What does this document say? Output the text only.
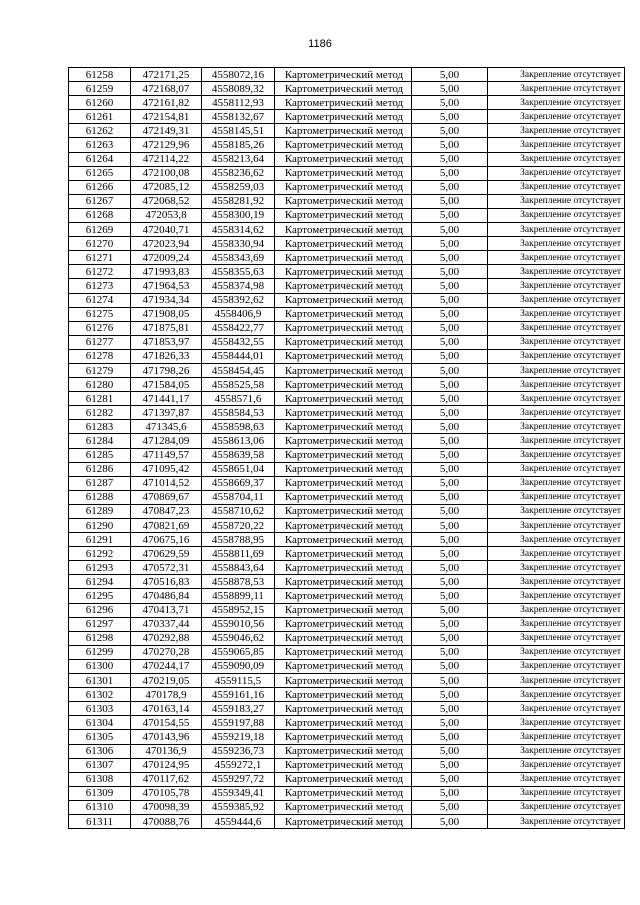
1186
61258	472171,25	4558072,16	Картометрический метод	5,00	Закрепление отсутствует
61259	472168,07	4558089,32	Картометрический метод	5,00	Закрепление отсутствует
61260	472161,82	4558112,93	Картометрический метод	5,00	Закрепление отсутствует
61261	472154,81	4558132,67	Картометрический метод	5,00	Закрепление отсутствует
61262	472149,31	4558145,51	Картометрический метод	5,00	Закрепление отсутствует
61263	472129,96	4558185,26	Картометрический метод	5,00	Закрепление отсутствует
61264	472114,22	4558213,64	Картометрический метод	5,00	Закрепление отсутствует
61265	472100,08	4558236,62	Картометрический метод	5,00	Закрепление отсутствует
61266	472085,12	4558259,03	Картометрический метод	5,00	Закрепление отсутствует
61267	472068,52	4558281,92	Картометрический метод	5,00	Закрепление отсутствует
61268	472053,8	4558300,19	Картометрический метод	5,00	Закрепление отсутствует
61269	472040,71	4558314,62	Картометрический метод	5,00	Закрепление отсутствует
61270	472023,94	4558330,94	Картометрический метод	5,00	Закрепление отсутствует
61271	472009,24	4558343,69	Картометрический метод	5,00	Закрепление отсутствует
61272	471993,83	4558355,63	Картометрический метод	5,00	Закрепление отсутствует
61273	471964,53	4558374,98	Картометрический метод	5,00	Закрепление отсутствует
61274	471934,34	4558392,62	Картометрический метод	5,00	Закрепление отсутствует
61275	471908,05	4558406,9	Картометрический метод	5,00	Закрепление отсутствует
61276	471875,81	4558422,77	Картометрический метод	5,00	Закрепление отсутствует
61277	471853,97	4558432,55	Картометрический метод	5,00	Закрепление отсутствует
61278	471826,33	4558444,01	Картометрический метод	5,00	Закрепление отсутствует
61279	471798,26	4558454,45	Картометрический метод	5,00	Закрепление отсутствует
61280	471584,05	4558525,58	Картометрический метод	5,00	Закрепление отсутствует
61281	471441,17	4558571,6	Картометрический метод	5,00	Закрепление отсутствует
61282	471397,87	4558584,53	Картометрический метод	5,00	Закрепление отсутствует
61283	471345,6	4558598,63	Картометрический метод	5,00	Закрепление отсутствует
61284	471284,09	4558613,06	Картометрический метод	5,00	Закрепление отсутствует
61285	471149,57	4558639,58	Картометрический метод	5,00	Закрепление отсутствует
61286	471095,42	4558651,04	Картометрический метод	5,00	Закрепление отсутствует
61287	471014,52	4558669,37	Картометрический метод	5,00	Закрепление отсутствует
61288	470869,67	4558704,11	Картометрический метод	5,00	Закрепление отсутствует
61289	470847,23	4558710,62	Картометрический метод	5,00	Закрепление отсутствует
61290	470821,69	4558720,22	Картометрический метод	5,00	Закрепление отсутствует
61291	470675,16	4558788,95	Картометрический метод	5,00	Закрепление отсутствует
61292	470629,59	4558811,69	Картометрический метод	5,00	Закрепление отсутствует
61293	470572,31	4558843,64	Картометрический метод	5,00	Закрепление отсутствует
61294	470516,83	4558878,53	Картометрический метод	5,00	Закрепление отсутствует
61295	470486,84	4558899,11	Картометрический метод	5,00	Закрепление отсутствует
61296	470413,71	4558952,15	Картометрический метод	5,00	Закрепление отсутствует
61297	470337,44	4559010,56	Картометрический метод	5,00	Закрепление отсутствует
61298	470292,88	4559046,62	Картометрический метод	5,00	Закрепление отсутствует
61299	470270,28	4559065,85	Картометрический метод	5,00	Закрепление отсутствует
61300	470244,17	4559090,09	Картометрический метод	5,00	Закрепление отсутствует
61301	470219,05	4559115,5	Картометрический метод	5,00	Закрепление отсутствует
61302	470178,9	4559161,16	Картометрический метод	5,00	Закрепление отсутствует
61303	470163,14	4559183,27	Картометрический метод	5,00	Закрепление отсутствует
61304	470154,55	4559197,88	Картометрический метод	5,00	Закрепление отсутствует
61305	470143,96	4559219,18	Картометрический метод	5,00	Закрепление отсутствует
61306	470136,9	4559236,73	Картометрический метод	5,00	Закрепление отсутствует
61307	470124,95	4559272,1	Картометрический метод	5,00	Закрепление отсутствует
61308	470117,62	4559297,72	Картометрический метод	5,00	Закрепление отсутствует
61309	470105,78	4559349,41	Картометрический метод	5,00	Закрепление отсутствует
61310	470098,39	4559385,92	Картометрический метод	5,00	Закрепление отсутствует
61311	470088,76	4559444,6	Картометрический метод	5,00	Закрепление отсутствует
